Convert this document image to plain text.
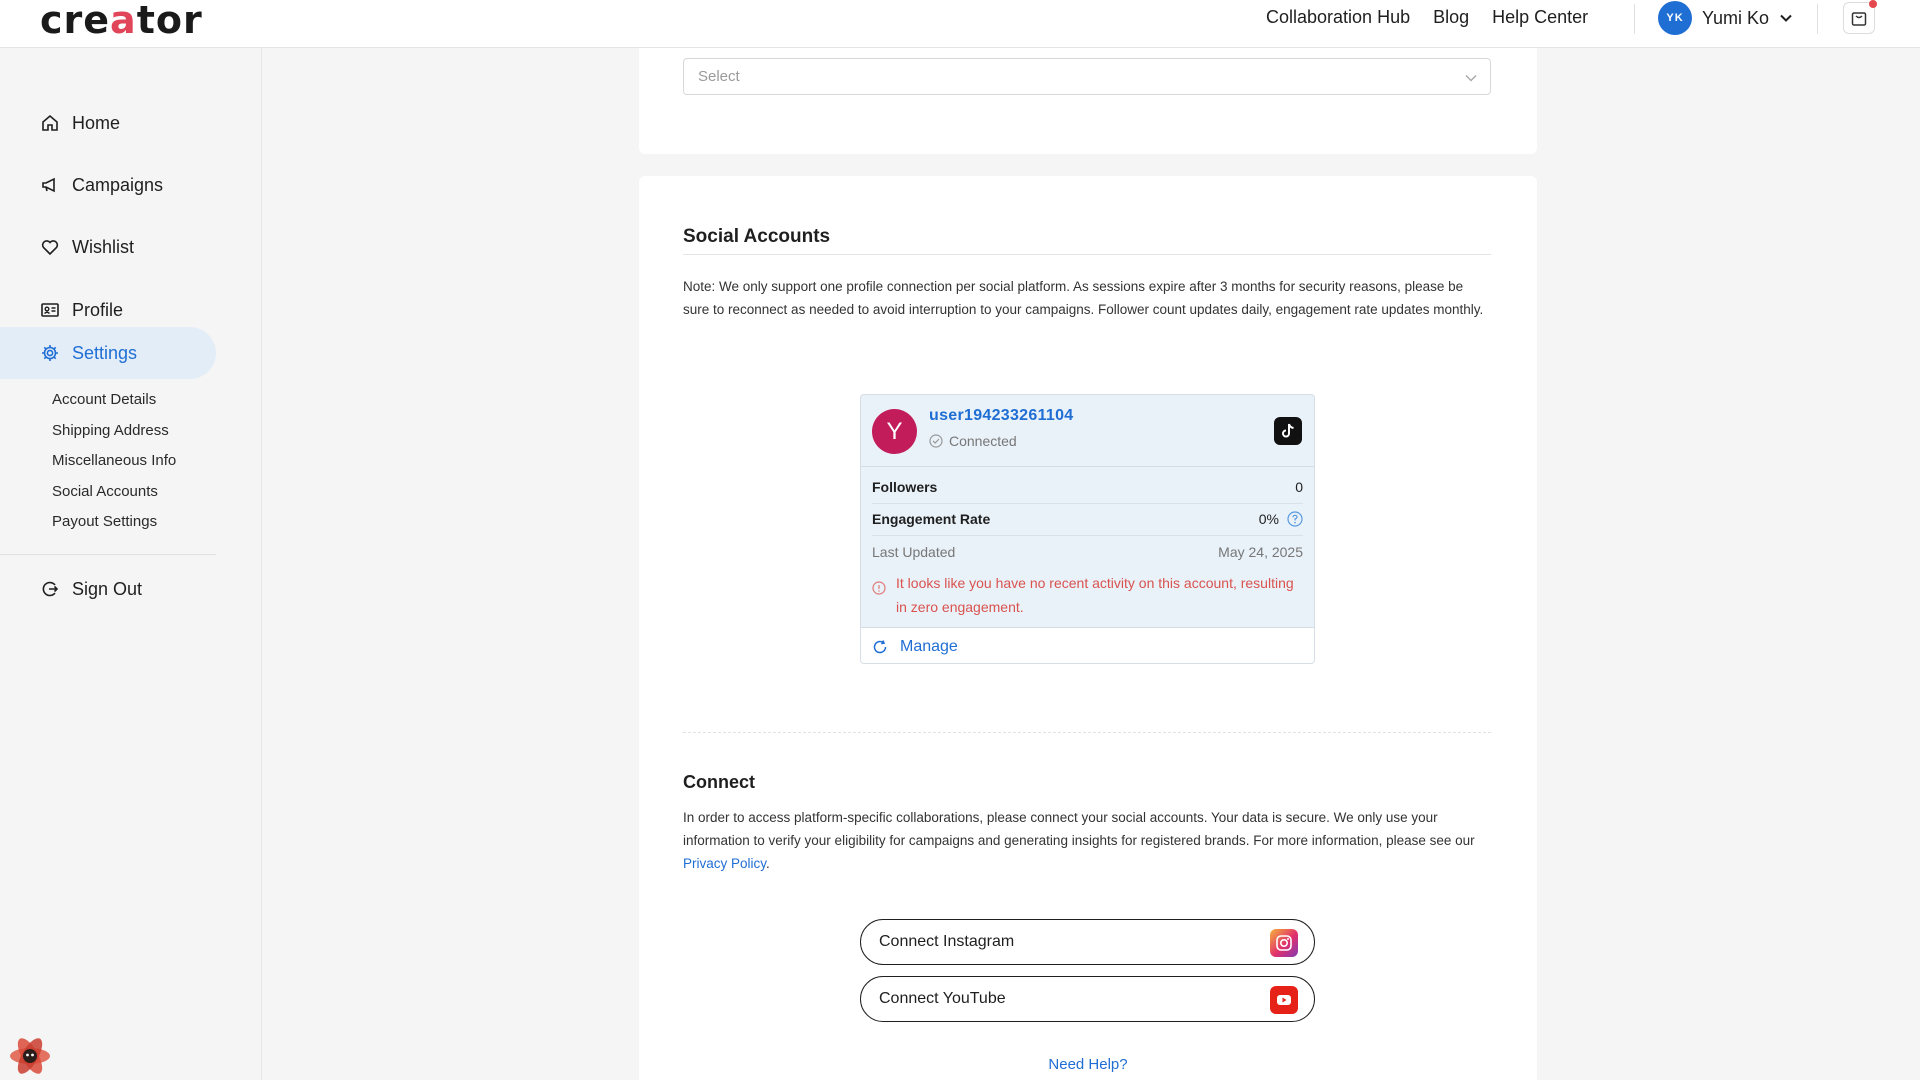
cre a tor	Collaboration Hub Blog Help Center	YK	Yumi Ko
Home
Campaigns
Wishlist
Profile
Settings
Account Details
Shipping Address
Miscellaneous Info
Social Accounts
Payout Settings
Sign Out
Select
Social Accounts

Note: We only support one profile connection per social platform. As sessions expire after 3 months for security reasons, please be sure to reconnect as needed to avoid interruption to your campaigns. Follower count updates daily, engagement rate updates monthly.

Y
user194233261104
Connected
Followers	0
Engagement Rate	0%
Last Updated	May 24, 2025
It looks like you have no recent activity on this account, resulting in zero engagement.
Manage
Connect

In order to access platform-specific collaborations, please connect your social accounts. Your data is secure. We only use your information to verify your eligibility for campaigns and generating insights for registered brands. For more information, please see our Privacy Policy.

Connect Instagram
Connect YouTube
Need Help?
